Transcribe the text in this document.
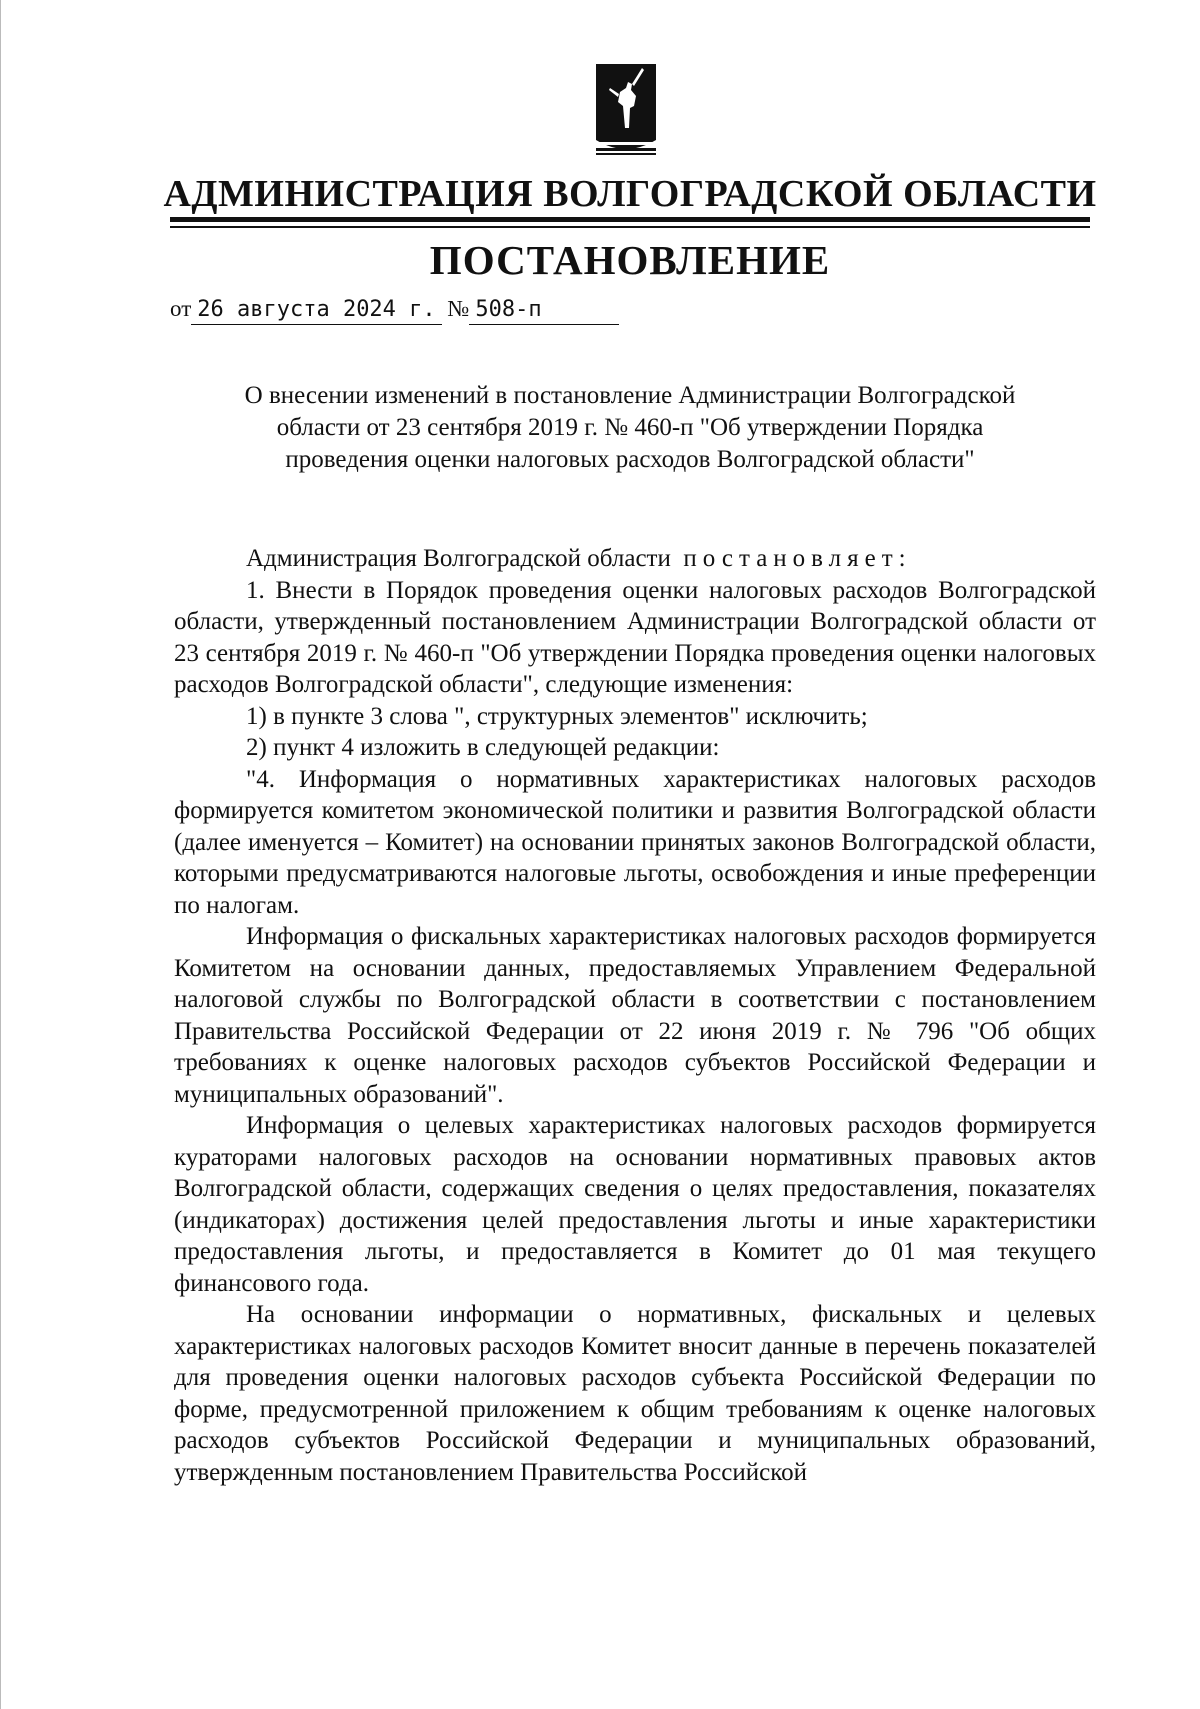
АДМИНИСТРАЦИЯ ВОЛГОГРАДСКОЙ ОБЛАСТИ
ПОСТАНОВЛЕНИЕ
от 26 августа 2024 г. № 508-п
О внесении изменений в постановление Администрации Волгоградской
области от 23 сентября 2019 г. № 460-п "Об утверждении Порядка
проведения оценки налоговых расходов Волгоградской области"

Администрация Волгоградской области постановляет:

1. Внести в Порядок проведения оценки налоговых расходов Волгоградской области, утвержденный постановлением Администрации Волгоградской области от 23 сентября 2019 г. № 460-п "Об утверждении Порядка проведения оценки налоговых расходов Волгоградской области", следующие изменения:

1) в пункте 3 слова ", структурных элементов" исключить;

2) пункт 4 изложить в следующей редакции:

"4. Информация о нормативных характеристиках налоговых расходов формируется комитетом экономической политики и развития Волгоградской области (далее именуется – Комитет) на основании принятых законов Волгоградской области, которыми предусматриваются налоговые льготы, освобождения и иные преференции по налогам.

Информация о фискальных характеристиках налоговых расходов формируется Комитетом на основании данных, предоставляемых Управлением Федеральной налоговой службы по Волгоградской области в соответствии с постановлением Правительства Российской Федерации от 22 июня 2019 г. № 796 "Об общих требованиях к оценке налоговых расходов субъектов Российской Федерации и муниципальных образований".

Информация о целевых характеристиках налоговых расходов формируется кураторами налоговых расходов на основании нормативных правовых актов Волгоградской области, содержащих сведения о целях предоставления, показателях (индикаторах) достижения целей предоставления льготы и иные характеристики предоставления льготы, и предоставляется в Комитет до 01 мая текущего финансового года.

На основании информации о нормативных, фискальных и целевых характеристиках налоговых расходов Комитет вносит данные в перечень показателей для проведения оценки налоговых расходов субъекта Российской Федерации по форме, предусмотренной приложением к общим требованиям к оценке налоговых расходов субъектов Российской Федерации и муниципальных образований, утвержденным постановлением Правительства Российской
